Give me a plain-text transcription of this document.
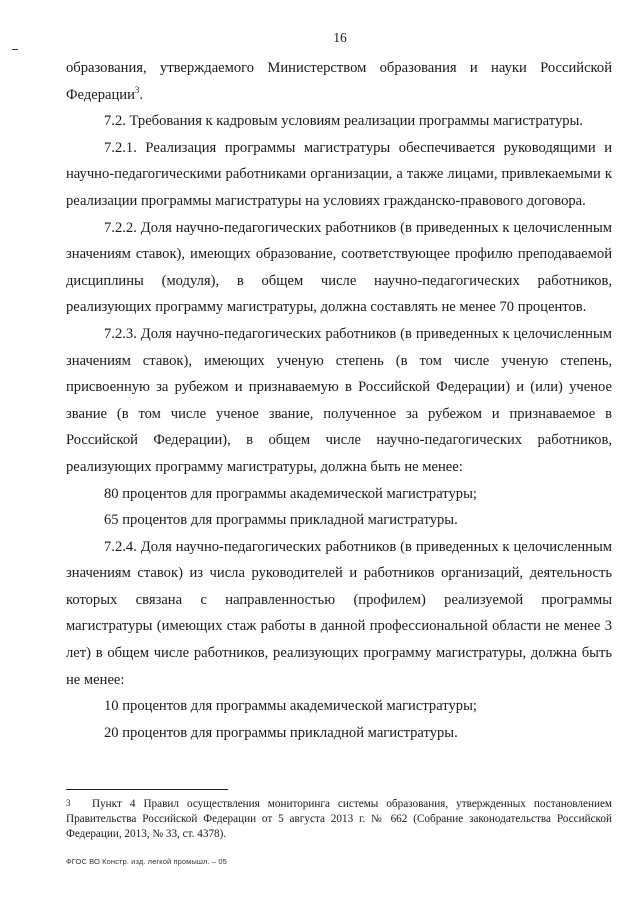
16

образования, утверждаемого Министерством образования и науки Российской Федерации$^3$.

7.2. Требования к кадровым условиям реализации программы магистратуры.

7.2.1. Реализация программы магистратуры обеспечивается руководящими и научно-педагогическими работниками организации, а также лицами, привлекаемыми к реализации программы магистратуры на условиях гражданско-правового договора.

7.2.2. Доля научно-педагогических работников (в приведенных к целочисленным значениям ставок), имеющих образование, соответствующее профилю преподаваемой дисциплины (модуля), в общем числе научно-педагогических работников, реализующих программу магистратуры, должна составлять не менее 70 процентов.

7.2.3. Доля научно-педагогических работников (в приведенных к целочисленным значениям ставок), имеющих ученую степень (в том числе ученую степень, присвоенную за рубежом и признаваемую в Российской Федерации) и (или) ученое звание (в том числе ученое звание, полученное за рубежом и признаваемое в Российской Федерации), в общем числе научно-педагогических работников, реализующих программу магистратуры, должна быть не менее:

80 процентов для программы академической магистратуры;

65 процентов для программы прикладной магистратуры.

7.2.4. Доля научно-педагогических работников (в приведенных к целочисленным значениям ставок) из числа руководителей и работников организаций, деятельность которых связана с направленностью (профилем) реализуемой программы магистратуры (имеющих стаж работы в данной профессиональной области не менее 3 лет) в общем числе работников, реализующих программу магистратуры, должна быть не менее:

10 процентов для программы академической магистратуры;

20 процентов для программы прикладной магистратуры.

3 Пункт 4 Правил осуществления мониторинга системы образования, утвержденных постановлением Правительства Российской Федерации от 5 августа 2013 г. № 662 (Собрание законодательства Российской Федерации, 2013, № 33, ст. 4378).
ФГОС ВО Констр. изд. легкой промышл. – 05
